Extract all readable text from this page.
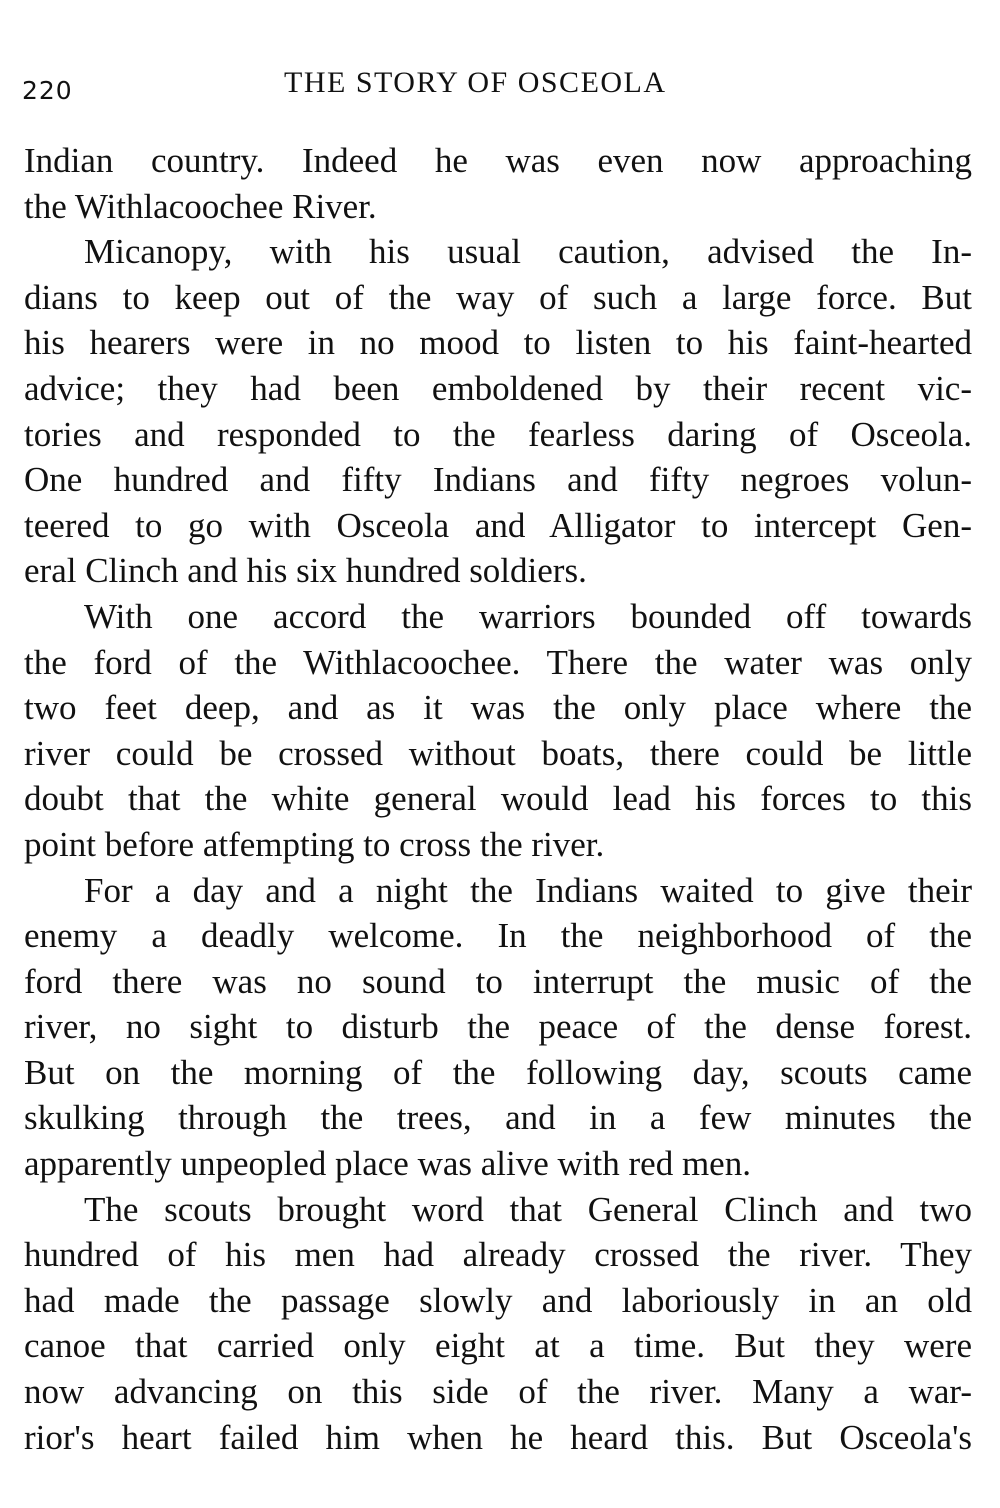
220	THE STORY OF OSCEOLA
Indian country. Indeed he was even now approaching
the Withlacoochee River.
Micanopy, with his usual caution, advised the In-
dians to keep out of the way of such a large force. But
his hearers were in no mood to listen to his faint-hearted
advice; they had been emboldened by their recent vic-
tories and responded to the fearless daring of Osceola.
One hundred and fifty Indians and fifty negroes volun-
teered to go with Osceola and Alligator to intercept Gen-
eral Clinch and his six hundred soldiers.
With one accord the warriors bounded off towards
the ford of the Withlacoochee. There the water was only
two feet deep, and as it was the only place where the
river could be crossed without boats, there could be little
doubt that the white general would lead his forces to this
point before atfempting to cross the river.
For a day and a night the Indians waited to give their
enemy a deadly welcome. In the neighborhood of the
ford there was no sound to interrupt the music of the
river, no sight to disturb the peace of the dense forest.
But on the morning of the following day, scouts came
skulking through the trees, and in a few minutes the
apparently unpeopled place was alive with red men.
The scouts brought word that General Clinch and two
hundred of his men had already crossed the river. They
had made the passage slowly and laboriously in an old
canoe that carried only eight at a time. But they were
now advancing on this side of the river. Many a war-
rior's heart failed him when he heard this. But Osceola's
